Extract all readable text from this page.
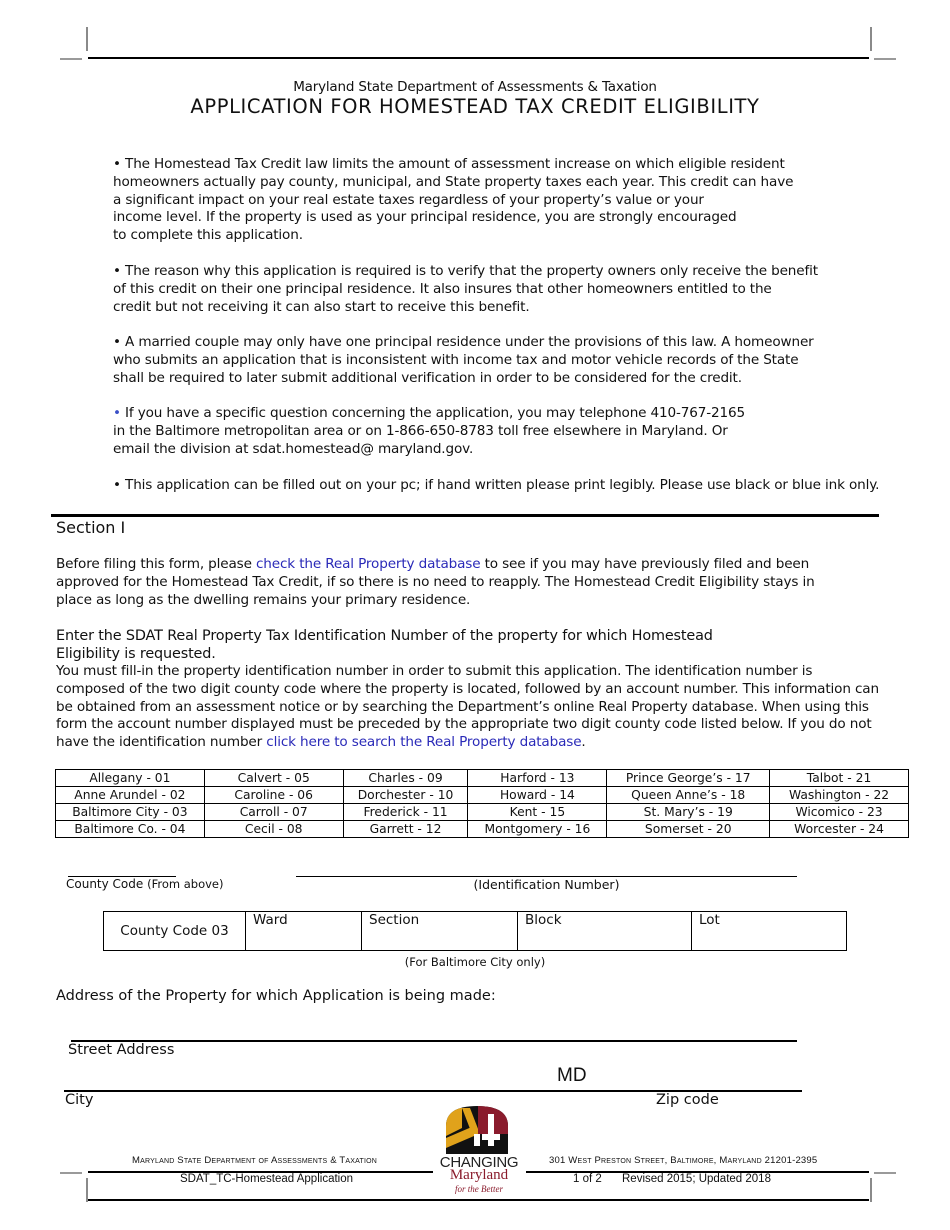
Maryland State Department of Assessments & Taxation
APPLICATION FOR HOMESTEAD TAX CREDIT ELIGIBILITY
• The Homestead Tax Credit law limits the amount of assessment increase on which eligible resident
homeowners actually pay county, municipal, and State property taxes each year. This credit can have
a significant impact on your real estate taxes regardless of your property’s value or your
income level. If the property is used as your principal residence, you are strongly encouraged
to complete this application.
• The reason why this application is required is to verify that the property owners only receive the benefit
of this credit on their one principal residence. It also insures that other homeowners entitled to the
credit but not receiving it can also start to receive this benefit.
• A married couple may only have one principal residence under the provisions of this law. A homeowner
who submits an application that is inconsistent with income tax and motor vehicle records of the State
shall be required to later submit additional verification in order to be considered for the credit.
• If you have a specific question concerning the application, you may telephone 410-767-2165
in the Baltimore metropolitan area or on 1-866-650-8783 toll free elsewhere in Maryland. Or
email the division at sdat.homestead@ maryland.gov.
• This application can be filled out on your pc; if hand written please print legibly. Please use black or blue ink only.
Section I
Before filing this form, please check the Real Property database to see if you may have previously filed and been
approved for the Homestead Tax Credit, if so there is no need to reapply. The Homestead Credit Eligibility stays in
place as long as the dwelling remains your primary residence.
Enter the SDAT Real Property Tax Identification Number of the property for which Homestead
Eligibility is requested.
You must fill-in the property identification number in order to submit this application. The identification number is
composed of the two digit county code where the property is located, followed by an account number. This information can
be obtained from an assessment notice or by searching the Department’s online Real Property database. When using this
form the account number displayed must be preceded by the appropriate two digit county code listed below. If you do not
have the identification number click here to search the Real Property database.
Allegany - 01	Calvert - 05	Charles - 09	Harford - 13	Prince George’s - 17	Talbot - 21
Anne Arundel - 02	Caroline - 06	Dorchester - 10	Howard - 14	Queen Anne’s - 18	Washington - 22
Baltimore City - 03	Carroll - 07	Frederick - 11	Kent - 15	St. Mary’s - 19	Wicomico - 23
Baltimore Co. - 04	Cecil - 08	Garrett - 12	Montgomery - 16	Somerset - 20	Worcester - 24
County Code (From above)	(Identification Number)
County Code 03	Ward	Section	Block	Lot
(For Baltimore City only)
Address of the Property for which Application is being made:
Street Address
MD
City	Zip code
CHANGING
Maryland
for the Better
Maryland State Department of Assessments & Taxation	301 West Preston Street, Baltimore, Maryland 21201-2395
SDAT_TC-Homestead Application	1 of 2 Revised 2015; Updated 2018
